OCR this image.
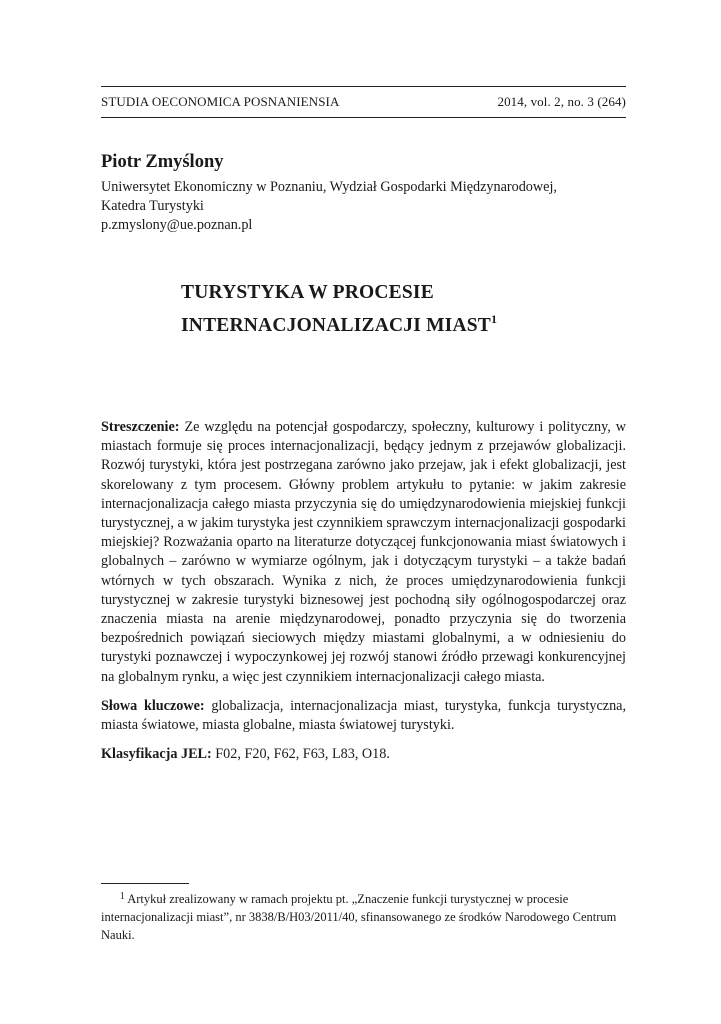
STUDIA OECONOMICA POSNANIENSIA	2014, vol. 2, no. 3 (264)
Piotr Zmyślony
Uniwersytet Ekonomiczny w Poznaniu, Wydział Gospodarki Międzynarodowej,
Katedra Turystyki
p.zmyslony@ue.poznan.pl
TURYSTYKA W PROCESIE
INTERNACJONALIZACJI MIAST$^1$

Streszczenie: Ze względu na potencjał gospodarczy, społeczny, kulturowy i polityczny, w miastach formuje się proces internacjonalizacji, będący jednym z przejawów globalizacji. Rozwój turystyki, która jest postrzegana zarówno jako przejaw, jak i efekt globalizacji, jest skorelowany z tym procesem. Główny problem artykułu to pytanie: w jakim zakresie internacjonalizacja całego miasta przyczynia się do umiędzynarodowienia miejskiej funkcji turystycznej, a w jakim turystyka jest czynnikiem sprawczym internacjonalizacji gospodarki miejskiej? Rozważania oparto na literaturze dotyczącej funkcjonowania miast światowych i globalnych – zarówno w wymiarze ogólnym, jak i dotyczącym turystyki – a także badań wtórnych w tych obszarach. Wynika z nich, że proces umiędzynarodowienia funkcji turystycznej w zakresie turystyki biznesowej jest pochodną siły ogólnogospodarczej oraz znaczenia miasta na arenie międzynarodowej, ponadto przyczynia się do tworzenia bezpośrednich powiązań sieciowych między miastami globalnymi, a w odniesieniu do turystyki poznawczej i wypoczynkowej jej rozwój stanowi źródło przewagi konkurencyjnej na globalnym rynku, a więc jest czynnikiem internacjonalizacji całego miasta.

Słowa kluczowe: globalizacja, internacjonalizacja miast, turystyka, funkcja turystyczna, miasta światowe, miasta globalne, miasta światowej turystyki.

Klasyfikacja JEL: F02, F20, F62, F63, L83, O18.

$^1$ Artykuł zrealizowany w ramach projektu pt. „Znaczenie funkcji turystycznej w procesie internacjonalizacji miast”, nr 3838/B/H03/2011/40, sfinansowanego ze środków Narodowego Centrum Nauki.
